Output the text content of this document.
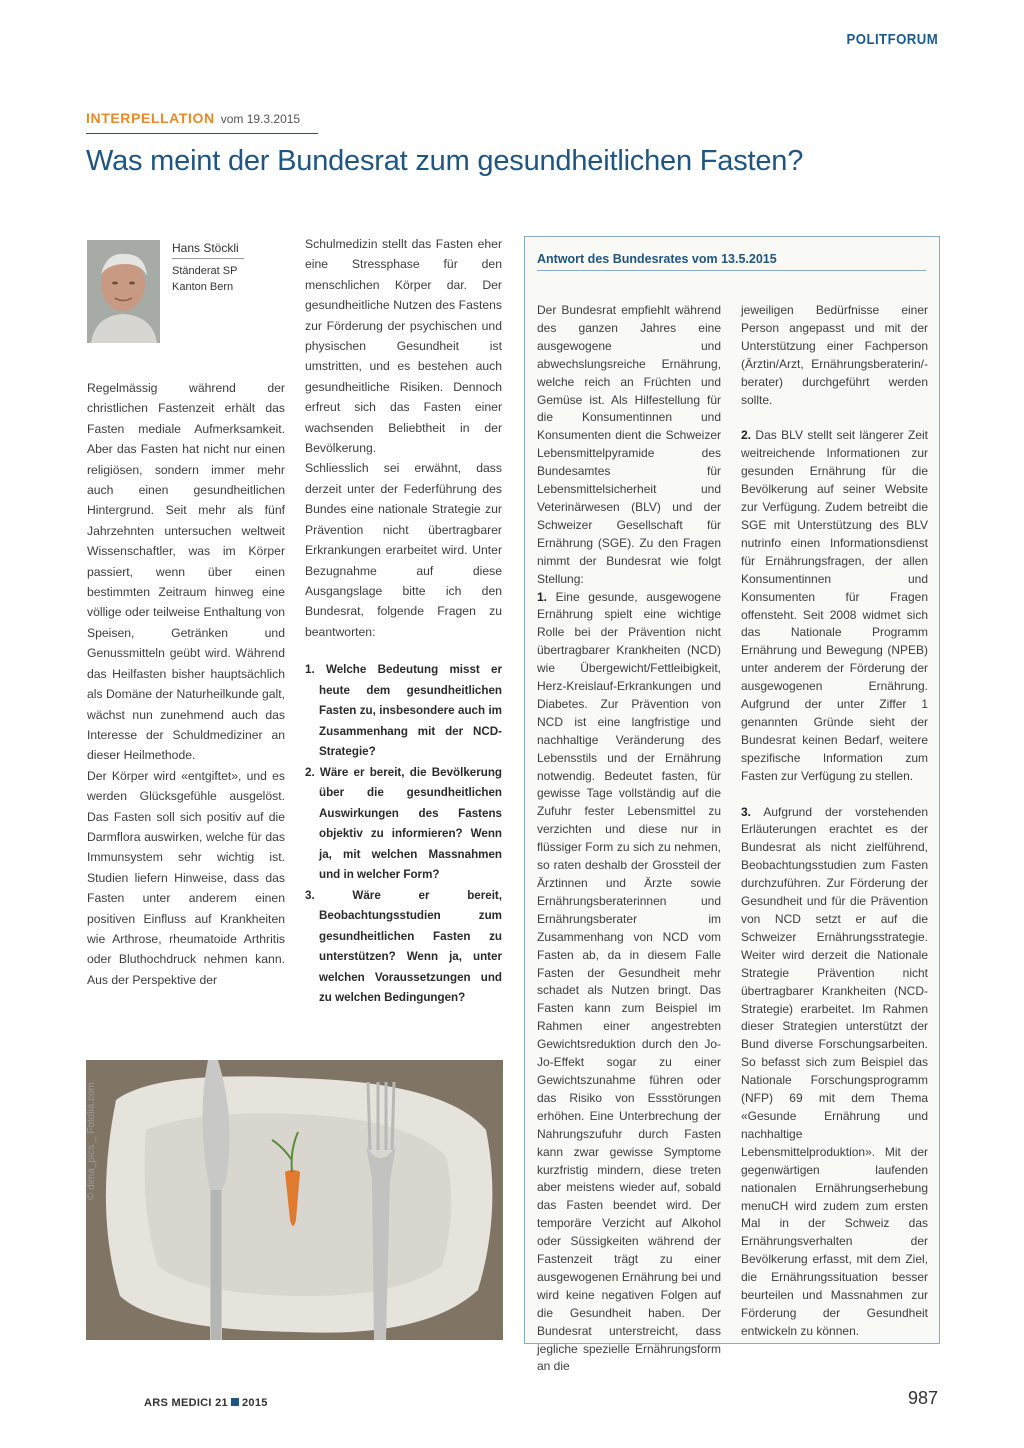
POLITFORUM
INTERPELLATION vom 19.3.2015
Was meint der Bundesrat zum gesundheitlichen Fasten?
Hans Stöckli
Ständerat SP
Kanton Bern

Regelmässig während der christlichen Fastenzeit erhält das Fasten mediale Aufmerksamkeit. Aber das Fasten hat nicht nur einen religiösen, sondern immer mehr auch einen gesundheitlichen Hintergrund. Seit mehr als fünf Jahrzehnten untersuchen weltweit Wissenschaftler, was im Körper passiert, wenn über einen bestimmten Zeitraum hinweg eine völlige oder teilweise Enthaltung von Speisen, Getränken und Genussmitteln geübt wird. Während das Heilfasten bisher hauptsächlich als Domäne der Naturheilkunde galt, wächst nun zunehmend auch das Interesse der Schuldmediziner an dieser Heilmethode.

Der Körper wird «entgiftet», und es werden Glücksgefühle ausgelöst. Das Fasten soll sich positiv auf die Darmflora auswirken, welche für das Immunsystem sehr wichtig ist. Studien liefern Hinweise, dass das Fasten unter anderem einen positiven Einfluss auf Krankheiten wie Arthrose, rheumatoide Arthritis oder Bluthochdruck nehmen kann. Aus der Perspektive der

Schulmedizin stellt das Fasten eher eine Stressphase für den menschlichen Körper dar. Der gesundheitliche Nutzen des Fastens zur Förderung der psychischen und physischen Gesundheit ist umstritten, und es bestehen auch gesundheitliche Risiken. Dennoch erfreut sich das Fasten einer wachsenden Beliebtheit in der Bevölkerung.

Schliesslich sei erwähnt, dass derzeit unter der Federführung des Bundes eine nationale Strategie zur Prävention nicht übertragbarer Erkrankungen erarbeitet wird. Unter Bezugnahme auf diese Ausgangslage bitte ich den Bundesrat, folgende Fragen zu beantworten:

1. Welche Bedeutung misst er heute dem gesundheitlichen Fasten zu, insbesondere auch im Zusammenhang mit der NCD-Strategie?
2. Wäre er bereit, die Bevölkerung über die gesundheitlichen Auswirkungen des Fastens objektiv zu informieren? Wenn ja, mit welchen Massnahmen und in welcher Form?
3. Wäre er bereit, Beobachtungsstudien zum gesundheitlichen Fasten zu unterstützen? Wenn ja, unter welchen Voraussetzungen und zu welchen Bedingungen?
Antwort des Bundesrates vom 13.5.2015

Der Bundesrat empfiehlt während des ganzen Jahres eine ausgewogene und abwechslungsreiche Ernährung, welche reich an Früchten und Gemüse ist. Als Hilfestellung für die Konsumentinnen und Konsumenten dient die Schweizer Lebensmittelpyramide des Bundesamtes für Lebensmittelsicherheit und Veterinärwesen (BLV) und der Schweizer Gesellschaft für Ernährung (SGE). Zu den Fragen nimmt der Bundesrat wie folgt Stellung:

1. Eine gesunde, ausgewogene Ernährung spielt eine wichtige Rolle bei der Prävention nicht übertragbarer Krankheiten (NCD) wie Übergewicht/Fettleibigkeit, Herz-Kreislauf-Erkrankungen und Diabetes. Zur Prävention von NCD ist eine langfristige und nachhaltige Veränderung des Lebensstils und der Ernährung notwendig. Bedeutet fasten, für gewisse Tage vollständig auf die Zufuhr fester Lebensmittel zu verzichten und diese nur in flüssiger Form zu sich zu nehmen, so raten deshalb der Grossteil der Ärztinnen und Ärzte sowie Ernährungsberaterinnen und Ernährungsberater im Zusammenhang von NCD vom Fasten ab, da in diesem Falle Fasten der Gesundheit mehr schadet als Nutzen bringt. Das Fasten kann zum Beispiel im Rahmen einer angestrebten Gewichtsreduktion durch den Jo-Jo-Effekt sogar zu einer Gewichtszunahme führen oder das Risiko von Essstörungen erhöhen. Eine Unterbrechung der Nahrungszufuhr durch Fasten kann zwar gewisse Symptome kurzfristig mindern, diese treten aber meistens wieder auf, sobald das Fasten beendet wird. Der temporäre Verzicht auf Alkohol oder Süssigkeiten während der Fastenzeit trägt zu einer ausgewogenen Ernährung bei und wird keine negativen Folgen auf die Gesundheit haben. Der Bundesrat unterstreicht, dass jegliche spezielle Ernährungsform an die

jeweiligen Bedürfnisse einer Person angepasst und mit der Unterstützung einer Fachperson (Ärztin/Arzt, Ernährungsberaterin/-berater) durchgeführt werden sollte.

2. Das BLV stellt seit längerer Zeit weitreichende Informationen zur gesunden Ernährung für die Bevölkerung auf seiner Website zur Verfügung. Zudem betreibt die SGE mit Unterstützung des BLV nutrinfo einen Informationsdienst für Ernährungsfragen, der allen Konsumentinnen und Konsumenten für Fragen offensteht. Seit 2008 widmet sich das Nationale Programm Ernährung und Bewegung (NPEB) unter anderem der Förderung der ausgewogenen Ernährung. Aufgrund der unter Ziffer 1 genannten Gründe sieht der Bundesrat keinen Bedarf, weitere spezifische Information zum Fasten zur Verfügung zu stellen.

3. Aufgrund der vorstehenden Erläuterungen erachtet es der Bundesrat als nicht zielführend, Beobachtungsstudien zum Fasten durchzuführen. Zur Förderung der Gesundheit und für die Prävention von NCD setzt er auf die Schweizer Ernährungsstrategie. Weiter wird derzeit die Nationale Strategie Prävention nicht übertragbarer Krankheiten (NCD-Strategie) erarbeitet. Im Rahmen dieser Strategien unterstützt der Bund diverse Forschungsarbeiten. So befasst sich zum Beispiel das Nationale Forschungsprogramm (NFP) 69 mit dem Thema «Gesunde Ernährung und nachhaltige Lebensmittelproduktion». Mit der gegenwärtigen laufenden nationalen Ernährungserhebung menuCH wird zudem zum ersten Mal in der Schweiz das Ernährungsverhalten der Bevölkerung erfasst, mit dem Ziel, die Ernährungssituation besser beurteilen und Massnahmen zur Förderung der Gesundheit entwickeln zu können.

© dima_pics _ Fotolia.com
ARS MEDICI 21 2015	987
